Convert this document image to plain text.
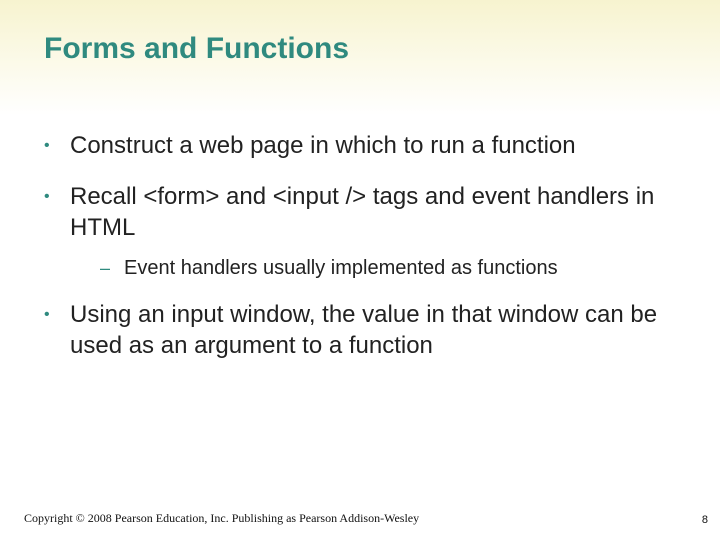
Forms and Functions
• Construct a web page in which to run a function
• Recall <form> and <input /> tags and event handlers in HTML
– Event handlers usually implemented as functions
• Using an input window, the value in that window can be used as an argument to a function
Copyright © 2008 Pearson Education, Inc. Publishing as Pearson Addison-Wesley	8
